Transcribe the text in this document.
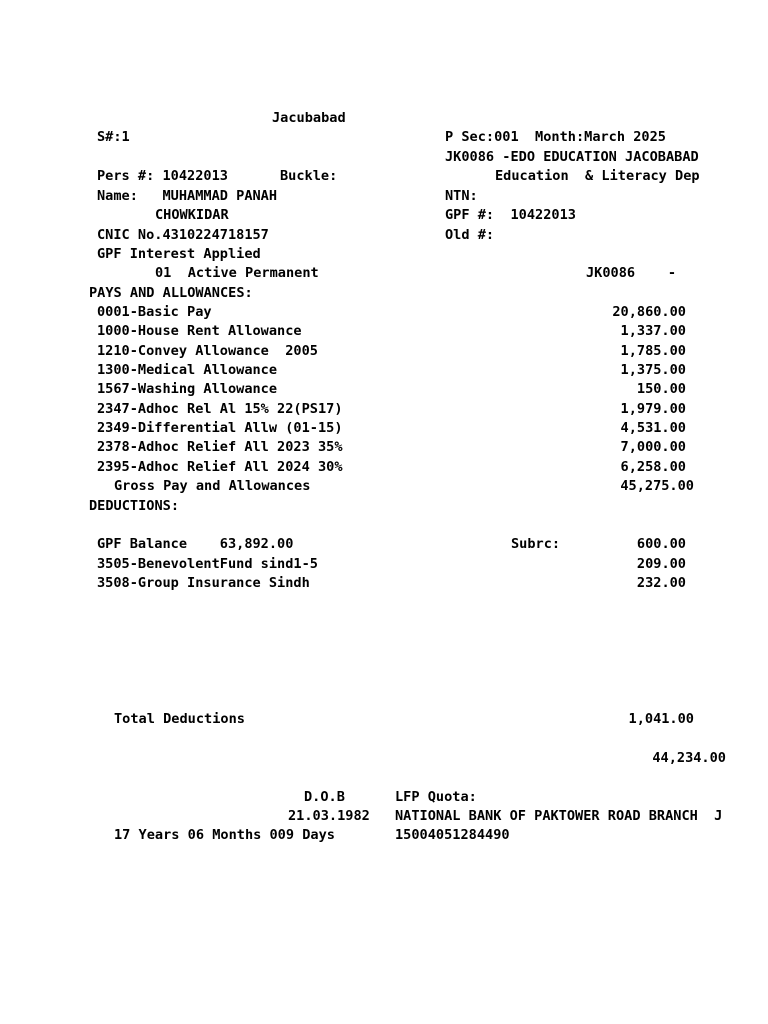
Jacubabad
S#:1	P Sec:001  Month:March 2025
JK0086 -EDO EDUCATION JACOBABAD
Pers #: 10422013	Buckle:	Education  & Literacy Dep
Name:   MUHAMMAD PANAH	NTN:
CHOWKIDAR	GPF #:  10422013
CNIC No.4310224718157	Old #:
GPF Interest Applied
01  Active Permanent	JK0086    -
PAYS AND ALLOWANCES:
0001-Basic Pay	20,860.00
1000-House Rent Allowance	1,337.00
1210-Convey Allowance  2005	1,785.00
1300-Medical Allowance	1,375.00
1567-Washing Allowance	150.00
2347-Adhoc Rel Al 15% 22(PS17)	1,979.00
2349-Differential Allw (01-15)	4,531.00
2378-Adhoc Relief All 2023 35%	7,000.00
2395-Adhoc Relief All 2024 30%	6,258.00
Gross Pay and Allowances	45,275.00
DEDUCTIONS:
GPF Balance    63,892.00	Subrc:	600.00
3505-BenevolentFund sind1-5	209.00
3508-Group Insurance Sindh	232.00
Total Deductions	1,041.00
44,234.00
D.O.B	LFP Quota:
21.03.1982 NATIONAL BANK OF PAKTOWER ROAD BRANCH  J
17 Years 06 Months 009 Days	15004051284490
